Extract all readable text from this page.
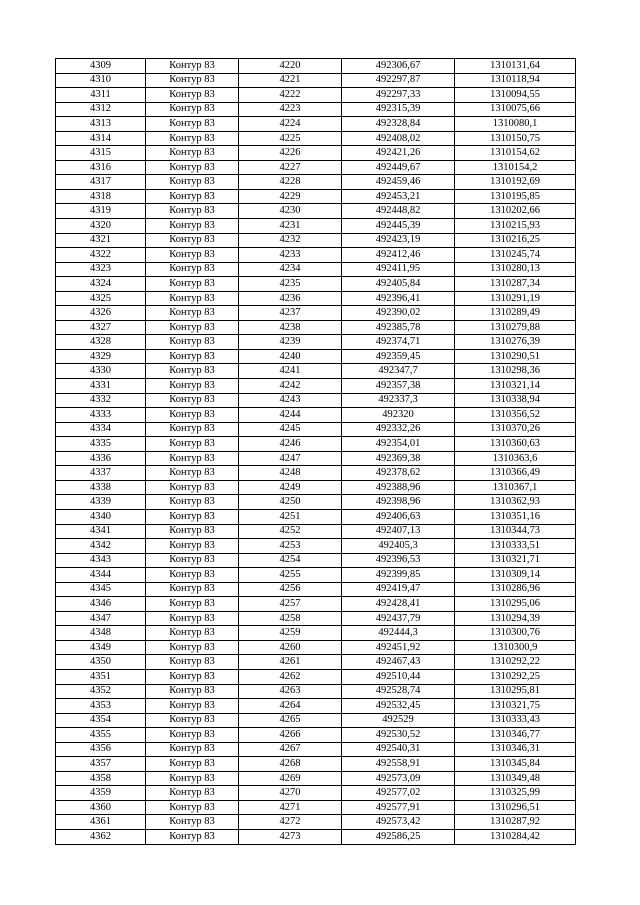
4309	Контур 83	4220	492306,67	1310131,64
4310	Контур 83	4221	492297,87	1310118,94
4311	Контур 83	4222	492297,33	1310094,55
4312	Контур 83	4223	492315,39	1310075,66
4313	Контур 83	4224	492328,84	1310080,1
4314	Контур 83	4225	492408,02	1310150,75
4315	Контур 83	4226	492421,26	1310154,62
4316	Контур 83	4227	492449,67	1310154,2
4317	Контур 83	4228	492459,46	1310192,69
4318	Контур 83	4229	492453,21	1310195,85
4319	Контур 83	4230	492448,82	1310202,66
4320	Контур 83	4231	492445,39	1310215,93
4321	Контур 83	4232	492423,19	1310216,25
4322	Контур 83	4233	492412,46	1310245,74
4323	Контур 83	4234	492411,95	1310280,13
4324	Контур 83	4235	492405,84	1310287,34
4325	Контур 83	4236	492396,41	1310291,19
4326	Контур 83	4237	492390,02	1310289,49
4327	Контур 83	4238	492385,78	1310279,88
4328	Контур 83	4239	492374,71	1310276,39
4329	Контур 83	4240	492359,45	1310290,51
4330	Контур 83	4241	492347,7	1310298,36
4331	Контур 83	4242	492357,38	1310321,14
4332	Контур 83	4243	492337,3	1310338,94
4333	Контур 83	4244	492320	1310356,52
4334	Контур 83	4245	492332,26	1310370,26
4335	Контур 83	4246	492354,01	1310360,63
4336	Контур 83	4247	492369,38	1310363,6
4337	Контур 83	4248	492378,62	1310366,49
4338	Контур 83	4249	492388,96	1310367,1
4339	Контур 83	4250	492398,96	1310362,93
4340	Контур 83	4251	492406,63	1310351,16
4341	Контур 83	4252	492407,13	1310344,73
4342	Контур 83	4253	492405,3	1310333,51
4343	Контур 83	4254	492396,53	1310321,71
4344	Контур 83	4255	492399,85	1310309,14
4345	Контур 83	4256	492419,47	1310286,96
4346	Контур 83	4257	492428,41	1310295,06
4347	Контур 83	4258	492437,79	1310294,39
4348	Контур 83	4259	492444,3	1310300,76
4349	Контур 83	4260	492451,92	1310300,9
4350	Контур 83	4261	492467,43	1310292,22
4351	Контур 83	4262	492510,44	1310292,25
4352	Контур 83	4263	492528,74	1310295,81
4353	Контур 83	4264	492532,45	1310321,75
4354	Контур 83	4265	492529	1310333,43
4355	Контур 83	4266	492530,52	1310346,77
4356	Контур 83	4267	492540,31	1310346,31
4357	Контур 83	4268	492558,91	1310345,84
4358	Контур 83	4269	492573,09	1310349,48
4359	Контур 83	4270	492577,02	1310325,99
4360	Контур 83	4271	492577,91	1310296,51
4361	Контур 83	4272	492573,42	1310287,92
4362	Контур 83	4273	492586,25	1310284,42
